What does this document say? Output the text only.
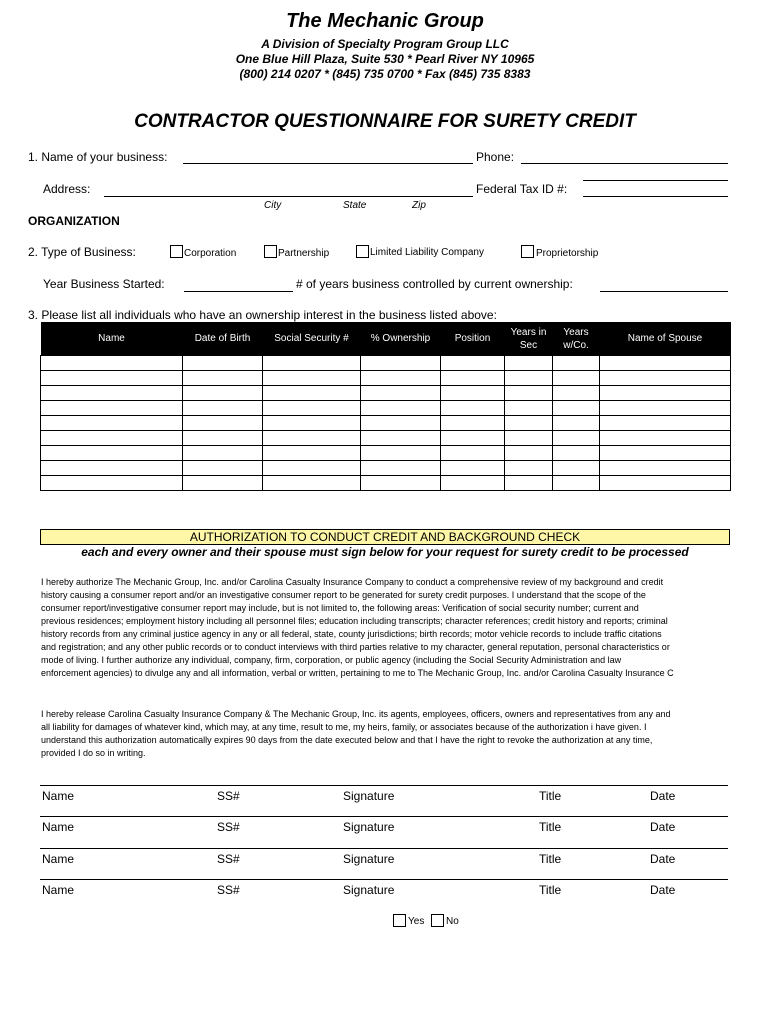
The Mechanic Group
A Division of Specialty Program Group LLC
One Blue Hill Plaza, Suite 530 * Pearl River NY 10965
(800) 214 0207 * (845) 735 0700 * Fax (845) 735 8383
CONTRACTOR QUESTIONNAIRE FOR SURETY CREDIT
1. Name of your business:	Phone:
Address:	Federal Tax ID #:
City	State	Zip
ORGANIZATION
2. Type of Business:	Corporation	Partnership	Limited Liability Company	Proprietorship
Year Business Started:	# of years business controlled by current ownership:
3. Please list all individuals who have an ownership interest in the business listed above:
Name	Date of Birth	Social Security #	% Ownership	Position	Years in Sec	Years w/Co.	Name of Spouse

AUTHORIZATION TO CONDUCT CREDIT AND BACKGROUND CHECK
each and every owner and their spouse must sign below for your request for surety credit to be processed
I hereby authorize The Mechanic Group, Inc. and/or Carolina Casualty Insurance Company to conduct a comprehensive review of my background and credit
history causing a consumer report and/or an investigative consumer report to be generated for surety credit purposes. I understand that the scope of the
consumer report/investigative consumer report may include, but is not limited to, the following areas: Verification of social security number; current and
previous residences; employment history including all personnel files; education including transcripts; character references; credit history and reports; criminal
history records from any criminal justice agency in any or all federal, state, county jurisdictions; birth records; motor vehicle records to include traffic citations
and registration; and any other public records or to conduct interviews with third parties relative to my character, general reputation, personal characteristics or
mode of living. I further authorize any individual, company, firm, corporation, or public agency (including the Social Security Administration and law
enforcement agencies) to divulge any and all information, verbal or written, pertaining to me to The Mechanic Group, Inc. and/or Carolina Casualty Insurance C
I hereby release Carolina Casualty Insurance Company & The Mechanic Group, Inc. its agents, employees, officers, owners and representatives from any and
all liability for damages of whatever kind, which may, at any time, result to me, my heirs, family, or associates because of the authorization i have given. I
understand this authorization automatically expires 90 days from the date executed below and that I have the right to revoke the authorization at any time,
provided I do so in writing.
Name	SS#	Signature	Title	Date
Name	SS#	Signature	Title	Date
Name	SS#	Signature	Title	Date
Name	SS#	Signature	Title	Date
Yes No
